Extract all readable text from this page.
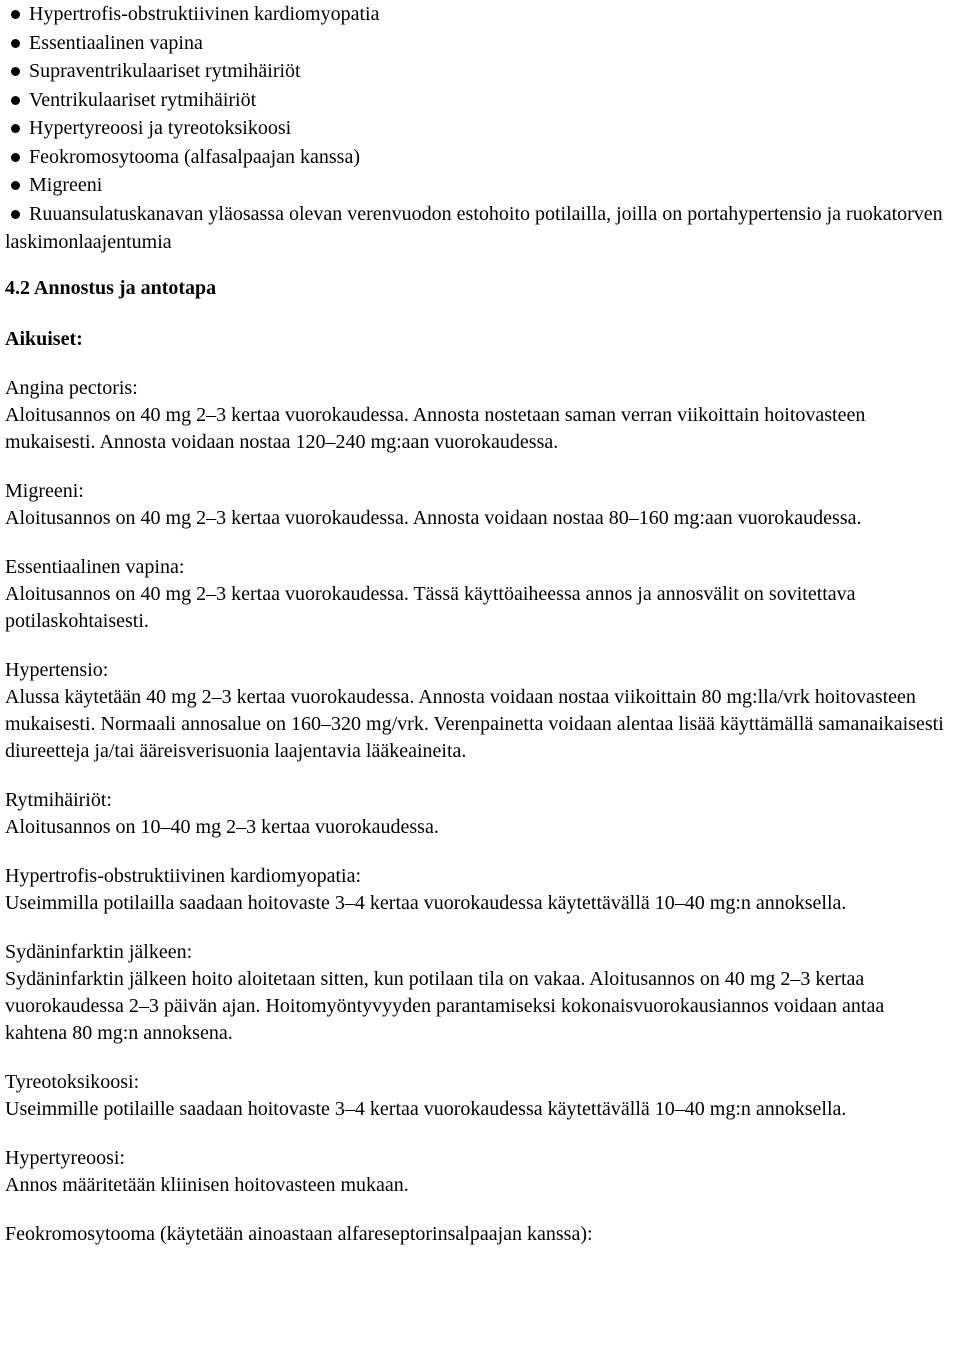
Hypertrofis-obstruktiivinen kardiomyopatia
Essentiaalinen vapina
Supraventrikulaariset rytmihäiriöt
Ventrikulaariset rytmihäiriöt
Hypertyreoosi ja tyreotoksikoosi
Feokromosytooma (alfasalpaajan kanssa)
Migreeni
Ruuansulatuskanavan yläosassa olevan verenvuodon estohoito potilailla, joilla on portahypertensio ja ruokatorven laskimonlaajentumia
4.2 Annostus ja antotapa
Aikuiset:
Angina pectoris:
Aloitusannos on 40 mg 2–3 kertaa vuorokaudessa. Annosta nostetaan saman verran viikoittain hoitovasteen mukaisesti. Annosta voidaan nostaa 120–240 mg:aan vuorokaudessa.
Migreeni:
Aloitusannos on 40 mg 2–3 kertaa vuorokaudessa. Annosta voidaan nostaa 80–160 mg:aan vuorokaudessa.
Essentiaalinen vapina:
Aloitusannos on 40 mg 2–3 kertaa vuorokaudessa. Tässä käyttöaiheessa annos ja annosvälit on sovitettava potilaskohtaisesti.
Hypertensio:
Alussa käytetään 40 mg 2–3 kertaa vuorokaudessa. Annosta voidaan nostaa viikoittain 80 mg:lla/vrk hoitovasteen mukaisesti. Normaali annosalue on 160–320 mg/vrk. Verenpainetta voidaan alentaa lisää käyttämällä samanaikaisesti diureetteja ja/tai ääreisverisuonia laajentavia lääkeaineita.
Rytmihäiriöt:
Aloitusannos on 10–40 mg 2–3 kertaa vuorokaudessa.
Hypertrofis-obstruktiivinen kardiomyopatia:
Useimmilla potilailla saadaan hoitovaste 3–4 kertaa vuorokaudessa käytettävällä 10–40 mg:n annoksella.
Sydäninfarktin jälkeen:
Sydäninfarktin jälkeen hoito aloitetaan sitten, kun potilaan tila on vakaa. Aloitusannos on 40 mg 2–3 kertaa vuorokaudessa 2–3 päivän ajan. Hoitomyöntyvyyden parantamiseksi kokonaisvuorokausiannos voidaan antaa kahtena 80 mg:n annoksena.
Tyreotoksikoosi:
Useimmille potilaille saadaan hoitovaste 3–4 kertaa vuorokaudessa käytettävällä 10–40 mg:n annoksella.
Hypertyreoosi:
Annos määritetään kliinisen hoitovasteen mukaan.
Feokromosytooma (käytetään ainoastaan alfareseptorinsalpaajan kanssa):
